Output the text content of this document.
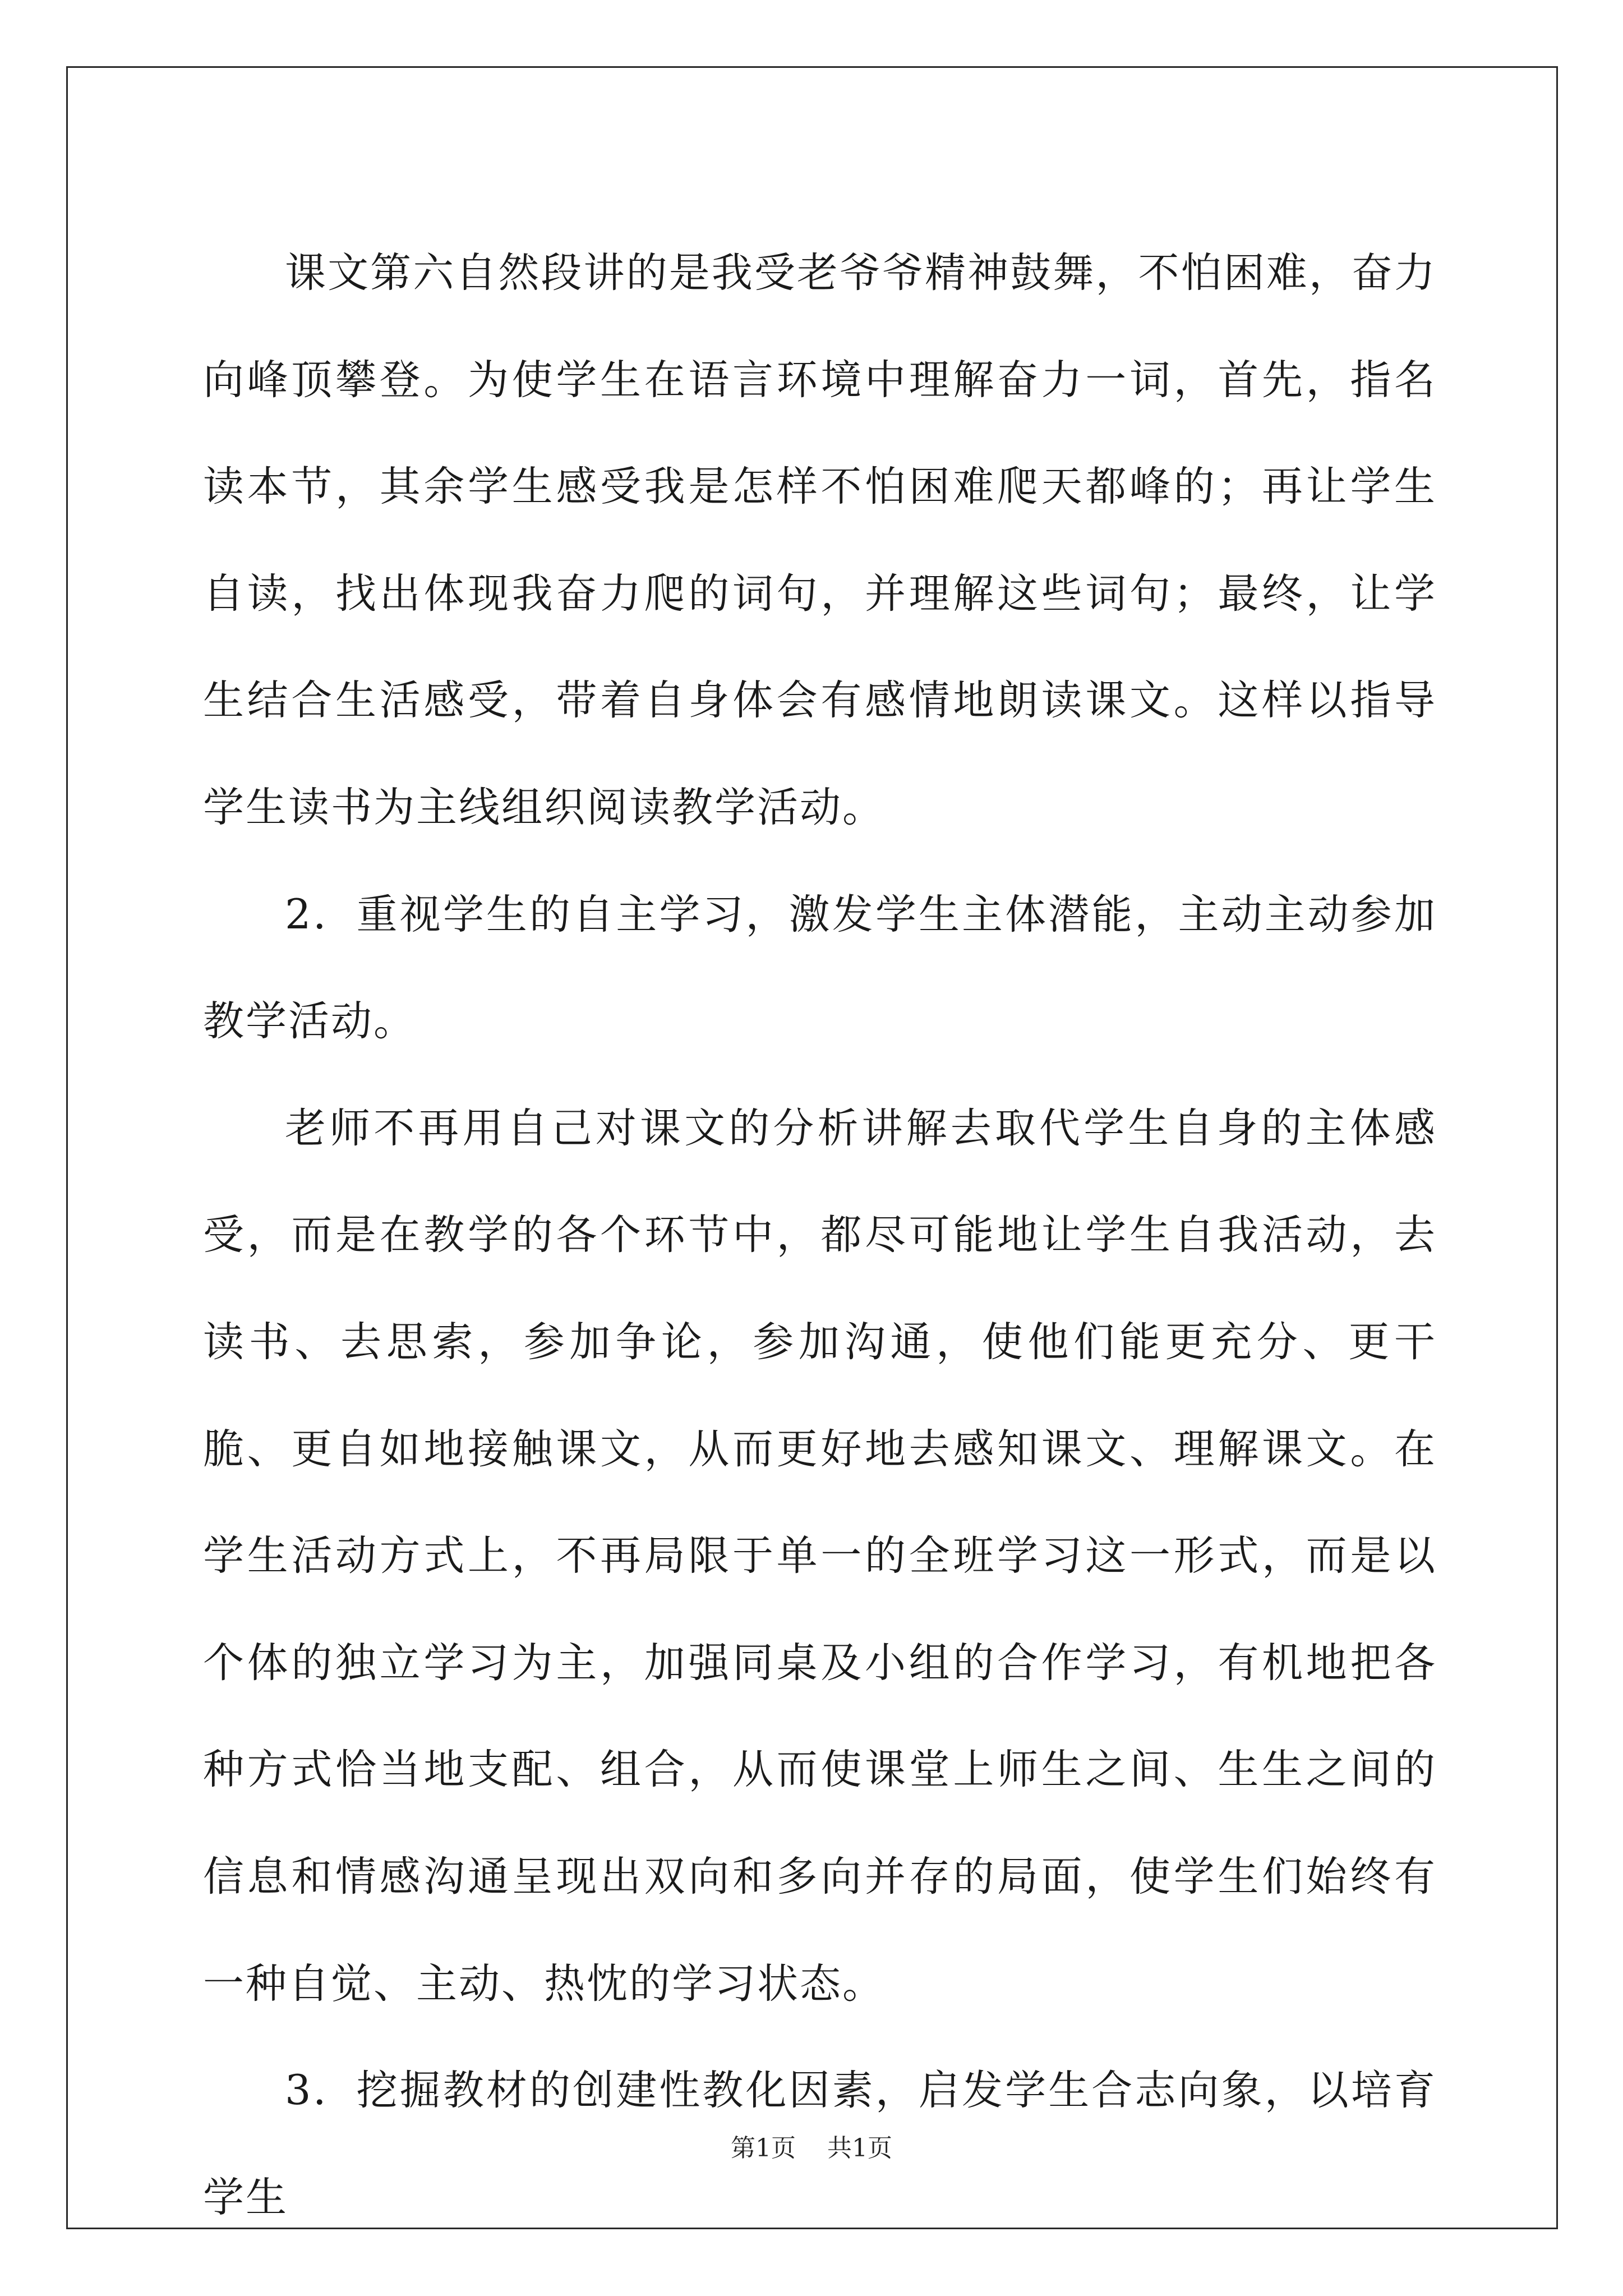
课文第六自然段讲的是我受老爷爷精神鼓舞，不怕困难，奋力向峰顶攀登。为使学生在语言环境中理解奋力一词，首先，指名读本节，其余学生感受我是怎样不怕困难爬天都峰的；再让学生自读，找出体现我奋力爬的词句，并理解这些词句；最终，让学生结合生活感受，带着自身体会有感情地朗读课文。这样以指导学生读书为主线组织阅读教学活动。

2．重视学生的自主学习，激发学生主体潜能，主动主动参加教学活动。

老师不再用自己对课文的分析讲解去取代学生自身的主体感受，而是在教学的各个环节中，都尽可能地让学生自我活动，去读书、去思索，参加争论，参加沟通，使他们能更充分、更干脆、更自如地接触课文，从而更好地去感知课文、理解课文。在学生活动方式上，不再局限于单一的全班学习这一形式，而是以个体的独立学习为主，加强同桌及小组的合作学习，有机地把各种方式恰当地支配、组合，从而使课堂上师生之间、生生之间的信息和情感沟通呈现出双向和多向并存的局面，使学生们始终有一种自觉、主动、热忱的学习状态。

3．挖掘教材的创建性教化因素，启发学生合志向象，以培育学生

第1页 共1页
